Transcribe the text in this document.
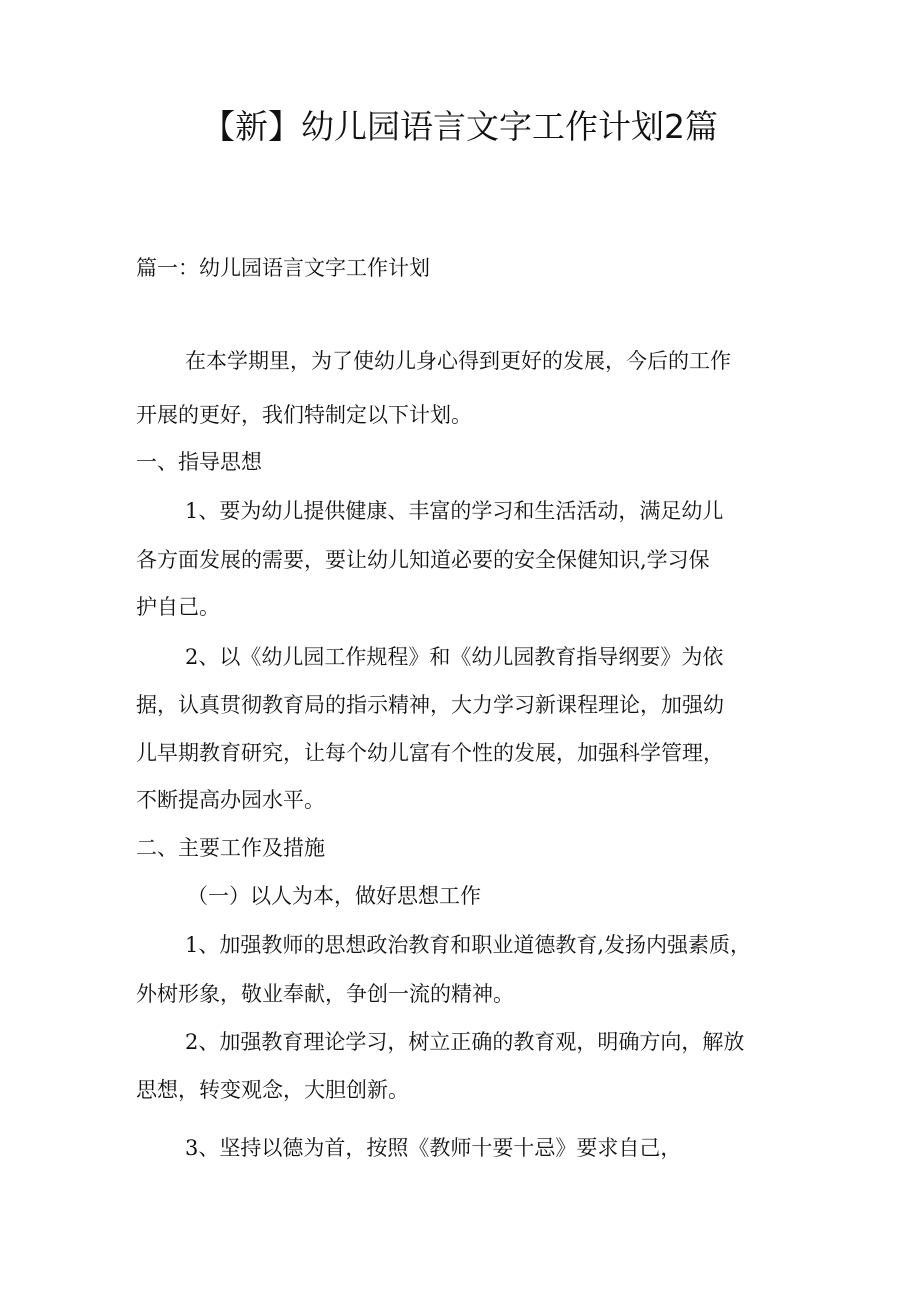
【新】幼儿园语言文字工作计划2篇

篇一：幼儿园语言文字工作计划

在本学期里，为了使幼儿身心得到更好的发展，今后的工作

开展的更好，我们特制定以下计划。

一、指导思想

1、要为幼儿提供健康、丰富的学习和生活活动，满足幼儿

各方面发展的需要，要让幼儿知道必要的安全保健知识,学习保

护自己。

2、以《幼儿园工作规程》和《幼儿园教育指导纲要》为依

据，认真贯彻教育局的指示精神，大力学习新课程理论，加强幼

儿早期教育研究，让每个幼儿富有个性的发展，加强科学管理，

不断提高办园水平。

二、主要工作及措施

（一）以人为本，做好思想工作

1、加强教师的思想政治教育和职业道德教育,发扬内强素质，

外树形象，敬业奉献，争创一流的精神。

2、加强教育理论学习，树立正确的教育观，明确方向，解放

思想，转变观念，大胆创新。

3、坚持以德为首，按照《教师十要十忌》要求自己，
